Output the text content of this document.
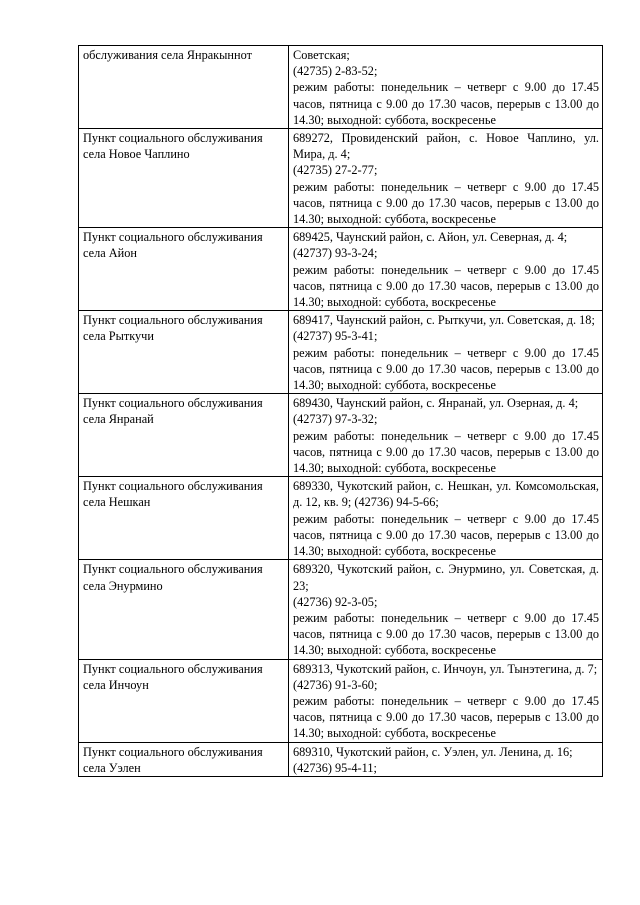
обслуживания села Янракыннот	Советская;
(42735) 2-83-52;
режим работы: понедельник – четверг с 9.00 до 17.45 часов, пятница с 9.00 до 17.30 часов, перерыв с 13.00 до 14.30; выходной: суббота, воскресенье

Пункт социального обслуживания села Новое Чаплино	689272, Провиденский район, с. Новое Чаплино, ул. Мира, д. 4;
(42735) 27-2-77;
режим работы: понедельник – четверг с 9.00 до 17.45 часов, пятница с 9.00 до 17.30 часов, перерыв с 13.00 до 14.30; выходной: суббота, воскресенье

Пункт социального обслуживания села Айон	689425, Чаунский район, с. Айон, ул. Северная, д. 4;
(42737) 93-3-24;
режим работы: понедельник – четверг с 9.00 до 17.45 часов, пятница с 9.00 до 17.30 часов, перерыв с 13.00 до 14.30; выходной: суббота, воскресенье

Пункт социального обслуживания села Рыткучи	689417, Чаунский район, с. Рыткучи, ул. Советская, д. 18;
(42737) 95-3-41;
режим работы: понедельник – четверг с 9.00 до 17.45 часов, пятница с 9.00 до 17.30 часов, перерыв с 13.00 до 14.30; выходной: суббота, воскресенье

Пункт социального обслуживания села Янранай	689430, Чаунский район, с. Янранай, ул. Озерная, д. 4;
(42737) 97-3-32;
режим работы: понедельник – четверг с 9.00 до 17.45 часов, пятница с 9.00 до 17.30 часов, перерыв с 13.00 до 14.30; выходной: суббота, воскресенье

Пункт социального обслуживания села Нешкан	689330, Чукотский район, с. Нешкан, ул. Комсомольская, д. 12, кв. 9; (42736) 94-5-66;
режим работы: понедельник – четверг с 9.00 до 17.45 часов, пятница с 9.00 до 17.30 часов, перерыв с 13.00 до 14.30; выходной: суббота, воскресенье

Пункт социального обслуживания села Энурмино	689320, Чукотский район, с. Энурмино, ул. Советская, д. 23;
(42736) 92-3-05;
режим работы: понедельник – четверг с 9.00 до 17.45 часов, пятница с 9.00 до 17.30 часов, перерыв с 13.00 до 14.30; выходной: суббота, воскресенье

Пункт социального обслуживания села Инчоун	689313, Чукотский район, с. Инчоун, ул. Тынэтегина, д. 7;
(42736) 91-3-60;
режим работы: понедельник – четверг с 9.00 до 17.45 часов, пятница с 9.00 до 17.30 часов, перерыв с 13.00 до 14.30; выходной: суббота, воскресенье

Пункт социального обслуживания села Уэлен	689310, Чукотский район, с. Уэлен, ул. Ленина, д. 16;
(42736) 95-4-11;
